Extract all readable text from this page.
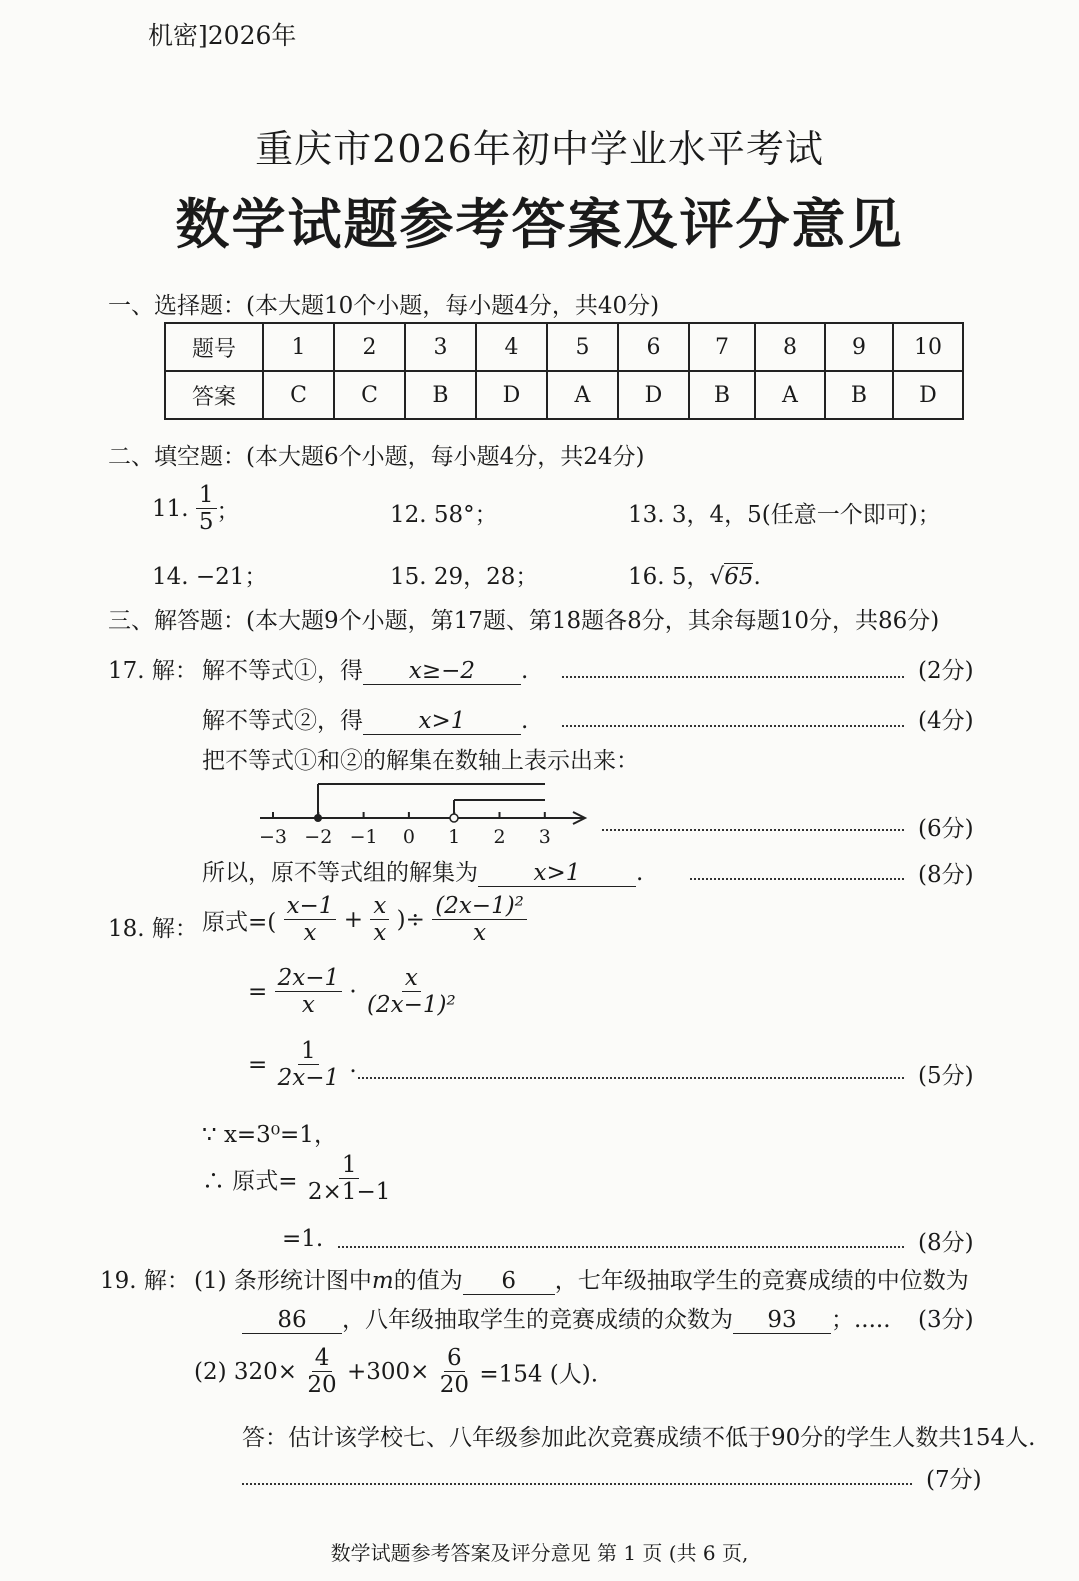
机密]2026年
重庆市2026年初中学业水平考试
数学试题参考答案及评分意见
一、选择题：(本大题10个小题，每小题4分，共40分)
题号	1	2	3	4	5	6	7	8	9	10
答案	C	C	B	D	A	D	B	A	B	D
二、填空题：(本大题6个小题，每小题4分，共24分)
11. $\frac{1}{5}$ ；	12. 58°；	13. 3，4，5(任意一个即可)；
14. −21；	15. 29，28；	16. 5，√65.
三、解答题：(本大题9个小题，第17题、第18题各8分，其余每题10分，共86分)
17. 解： 解不等式①，得 x≥−2 .	(2分)
解不等式②，得 x>1 .	(4分)
把不等式①和②的解集在数轴上表示出来：
−3 −2 −1 0 1 2 3	(6分)
所以，原不等式组的解集为 x>1 .	(8分)
18. 解： 原式=( $\frac{x-1}{x} + \frac{x}{x}$ )÷ $\frac{\text{(2x−1)²}}{x}$
= $\frac{2x-1}{x} \cdot \frac{x}{\text{(2x−1)²}}$
= $\frac{1}{2x-1}$ .	(5分)
∵ x=3⁰=1，
∴ 原式= $\frac{1}{2\times 1-1}$
=1.	(8分)
19. 解： (1) 条形统计图中m的值为 6 ，七年级抽取学生的竞赛成绩的中位数为
86 ，八年级抽取学生的竞赛成绩的众数为 93 ；..... (3分)
(2) $320\times \frac{4}{20} +300\times \frac{6}{20} =154$ (人).
答：估计该学校七、八年级参加此次竞赛成绩不低于90分的学生人数共154人.
(7分)
数学试题参考答案及评分意见 第 1 页 (共 6 页,
